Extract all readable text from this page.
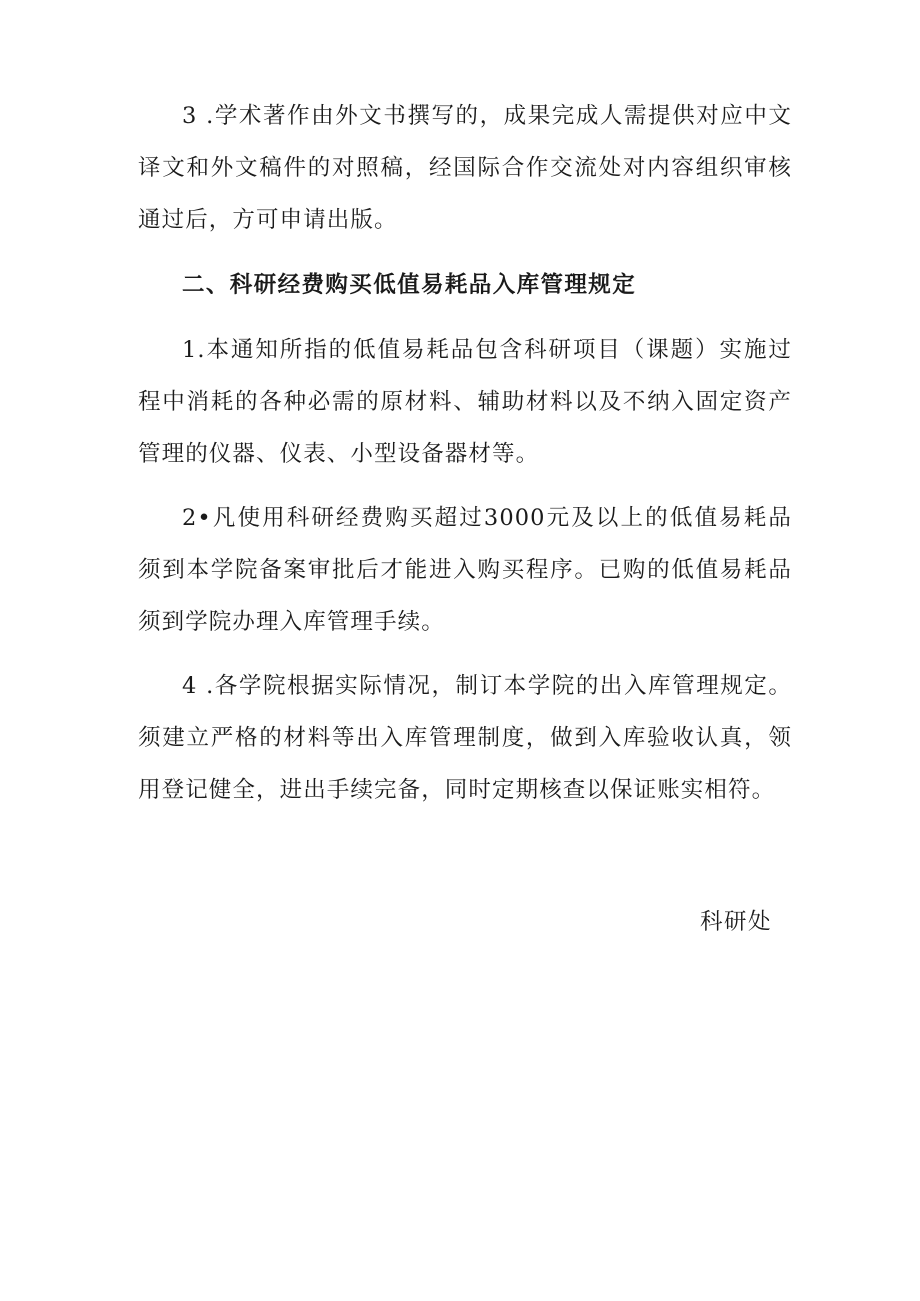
3 .学术著作由外文书撰写的，成果完成人需提供对应中文译文和外文稿件的对照稿，经国际合作交流处对内容组织审核通过后，方可申请出版。

二、科研经费购买低值易耗品入库管理规定

1.本通知所指的低值易耗品包含科研项目（课题）实施过程中消耗的各种必需的原材料、辅助材料以及不纳入固定资产管理的仪器、仪表、小型设备器材等。

2•凡使用科研经费购买超过3000元及以上的低值易耗品须到本学院备案审批后才能进入购买程序。已购的低值易耗品须到学院办理入库管理手续。

4 .各学院根据实际情况，制订本学院的出入库管理规定。须建立严格的材料等出入库管理制度，做到入库验收认真，领用登记健全，进出手续完备，同时定期核查以保证账实相符。

科研处
